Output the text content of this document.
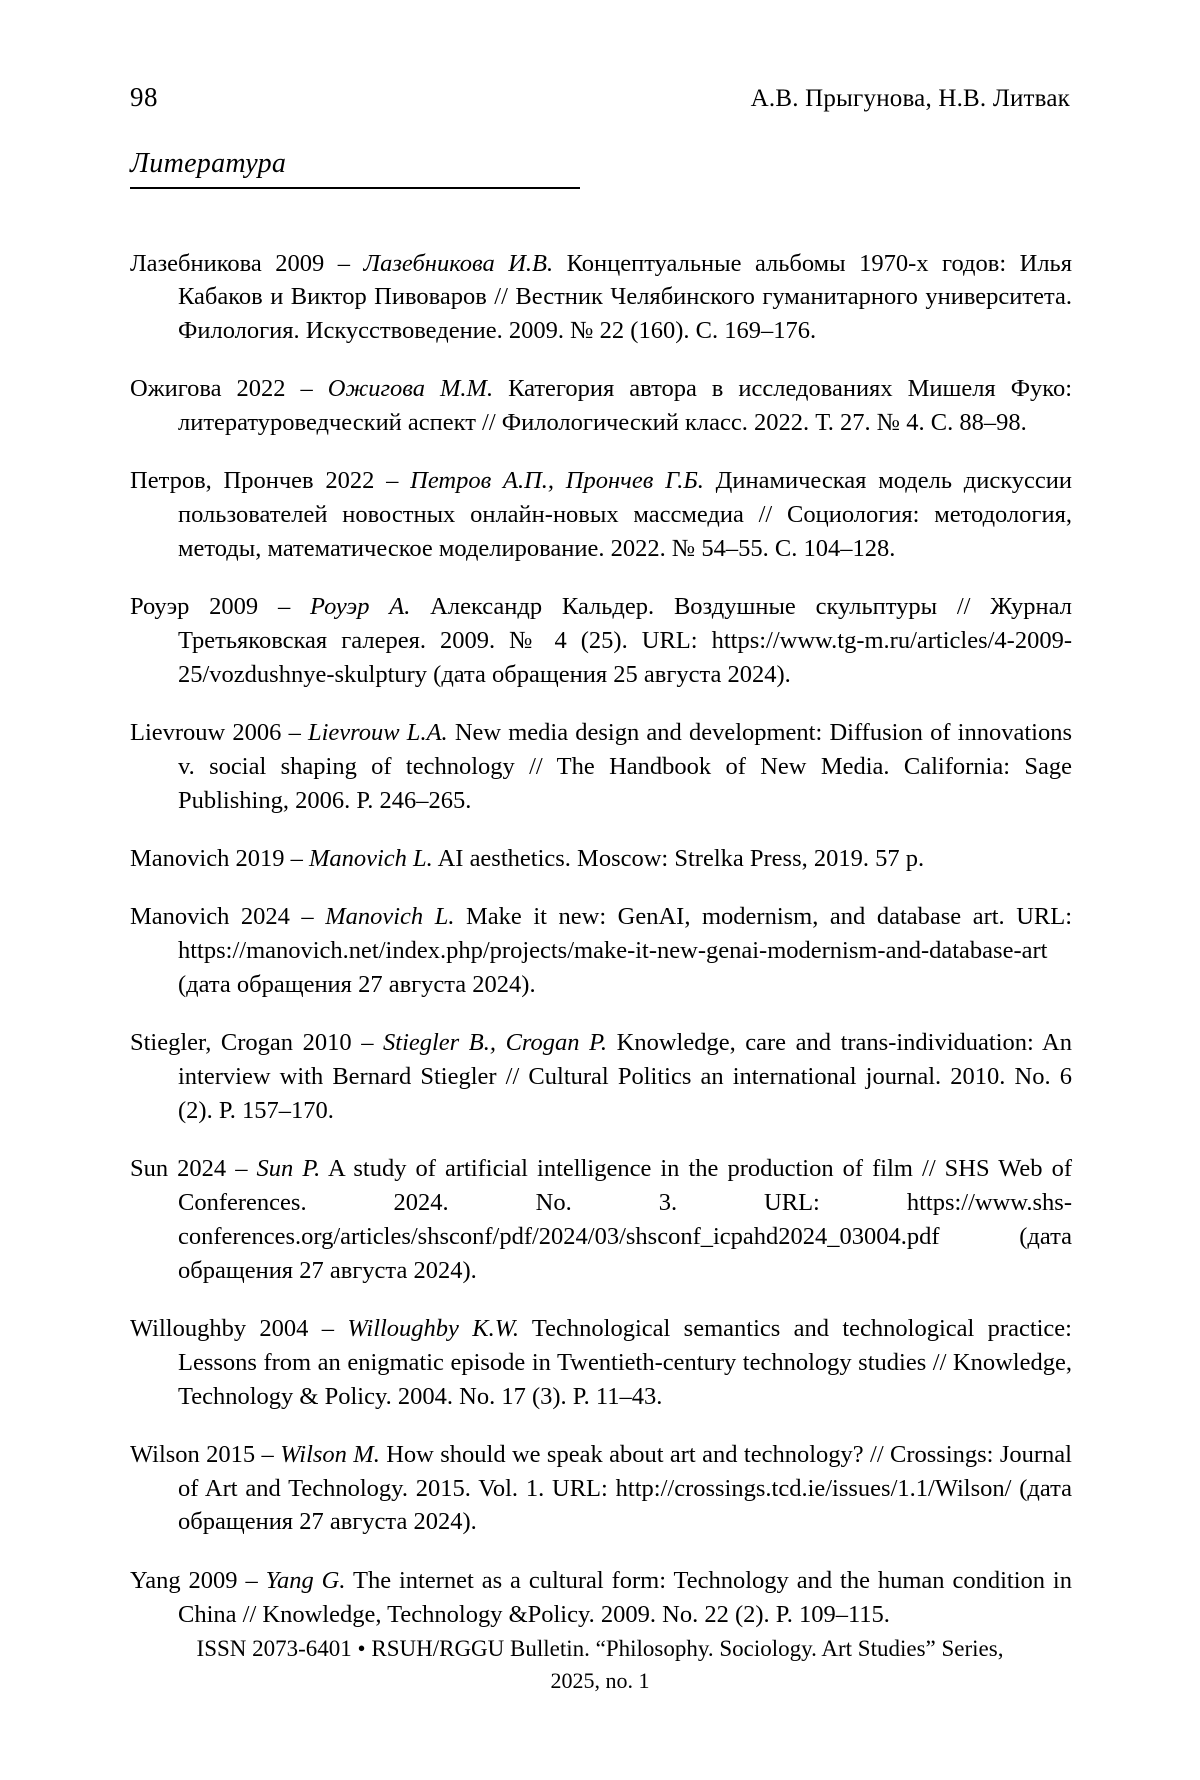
98	А.В. Прыгунова, Н.В. Литвак
Литература

Лазебникова 2009 – Лазебникова И.В. Концептуальные альбомы 1970-х годов: Илья Кабаков и Виктор Пивоваров // Вестник Челябинского гуманитарного университета. Филология. Искусствоведение. 2009. № 22 (160). С. 169–176.

Ожигова 2022 – Ожигова М.М. Категория автора в исследованиях Мишеля Фуко: литературоведческий аспект // Филологический класс. 2022. Т. 27. № 4. С. 88–98.

Петров, Прончев 2022 – Петров А.П., Прончев Г.Б. Динамическая модель дискуссии пользователей новостных онлайн-новых массмедиа // Социология: методология, методы, математическое моделирование. 2022. № 54–55. С. 104–128.

Роуэр 2009 – Роуэр А. Александр Кальдер. Воздушные скульптуры // Журнал Третьяковская галерея. 2009. № 4 (25). URL: https://www.tg-m.ru/articles/4-2009-25/vozdushnye-skulptury (дата обращения 25 августа 2024).

Lievrouw 2006 – Lievrouw L.A. New media design and development: Diffusion of innovations v. social shaping of technology // The Handbook of New Media. California: Sage Publishing, 2006. P. 246–265.

Manovich 2019 – Manovich L. AI aesthetics. Moscow: Strelka Press, 2019. 57 p.

Manovich 2024 – Manovich L. Make it new: GenAI, modernism, and database art. URL: https://manovich.net/index.php/projects/make-it-new-genai-modernism-and-database-art (дата обращения 27 августа 2024).

Stiegler, Crogan 2010 – Stiegler B., Crogan P. Knowledge, care and trans-individuation: An interview with Bernard Stiegler // Cultural Politics an international journal. 2010. No. 6 (2). P. 157–170.

Sun 2024 – Sun P. A study of artificial intelligence in the production of film // SHS Web of Conferences. 2024. No. 3. URL: https://www.shs-conferences.org/articles/shsconf/pdf/2024/03/shsconf_icpahd2024_03004.pdf (дата обращения 27 августа 2024).

Willoughby 2004 – Willoughby K.W. Technological semantics and technological practice: Lessons from an enigmatic episode in Twentieth-century technology studies // Knowledge, Technology & Policy. 2004. No. 17 (3). P. 11–43.

Wilson 2015 – Wilson M. How should we speak about art and technology? // Crossings: Journal of Art and Technology. 2015. Vol. 1. URL: http://crossings.tcd.ie/issues/1.1/Wilson/ (дата обращения 27 августа 2024).

Yang 2009 – Yang G. The internet as a cultural form: Technology and the human condition in China // Knowledge, Technology &Policy. 2009. No. 22 (2). P. 109–115.

ISSN 2073-6401 • RSUH/RGGU Bulletin. “Philosophy. Sociology. Art Studies” Series,
2025, no. 1
